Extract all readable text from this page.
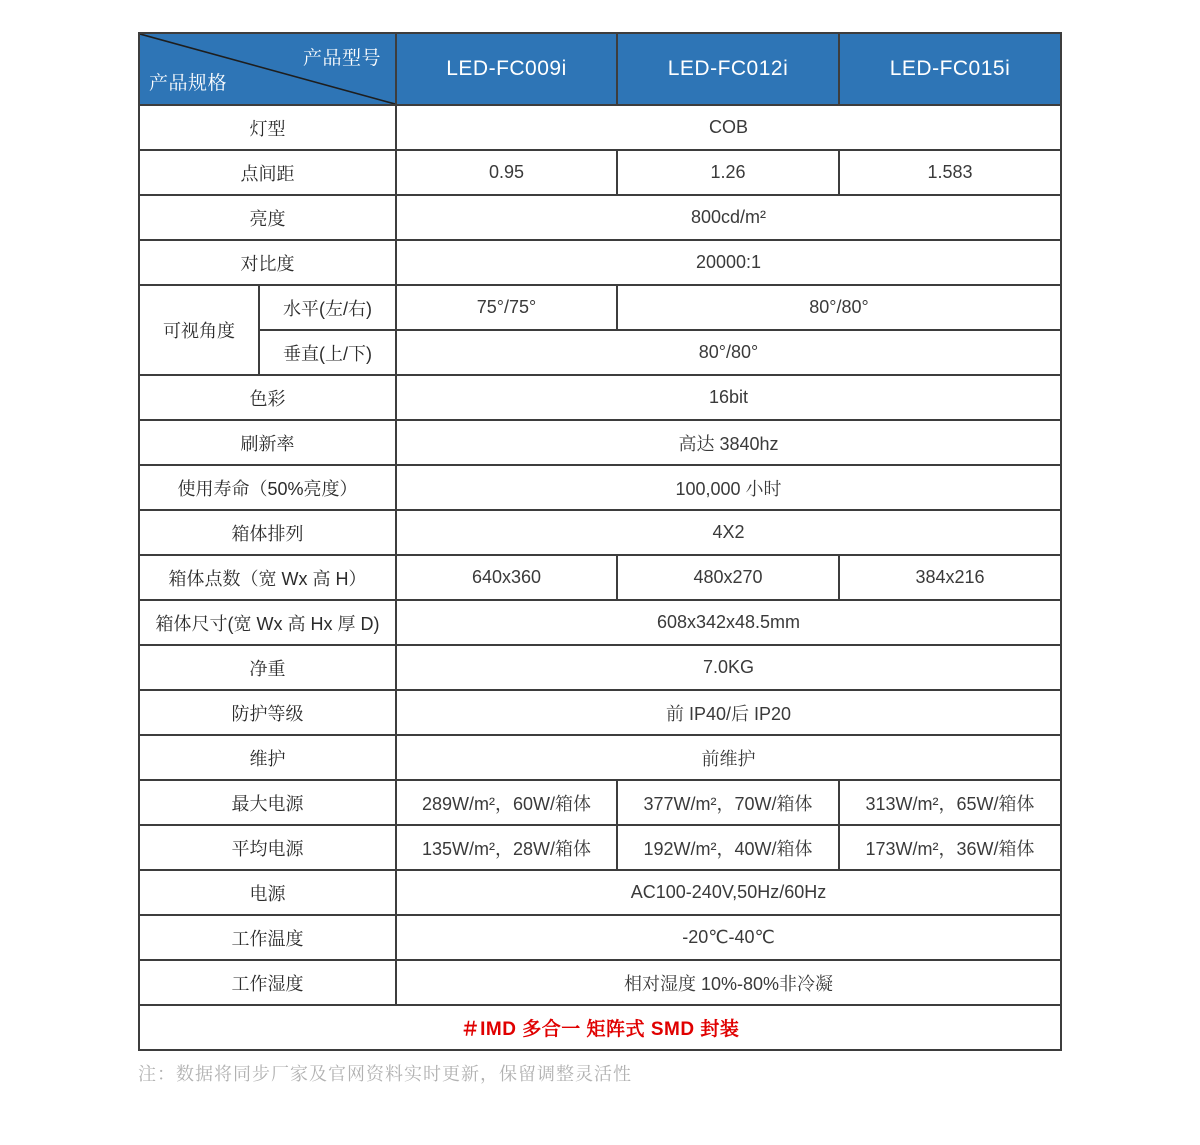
产品型号
产品规格		LED-FC009i	LED-FC012i	LED-FC015i
灯型		COB		
点间距		0.95	1.26	1.583
亮度		800cd/m²		
对比度		20000:1		
可视角度	水平(左/右)	75°/75°	80°/80°	
	垂直(上/下)	80°/80°		
色彩		16bit		
刷新率		高达 3840hz		
使用寿命（50%亮度）		100,000 小时		
箱体排列		4X2		
箱体点数（宽 Wx 高 H）		640x360	480x270	384x216
箱体尺寸(宽 Wx 高 Hx 厚 D)		608x342x48.5mm		
净重		7.0KG		
防护等级		前 IP40/后 IP20		
维护		前维护		
最大电源		289W/m²，60W/箱体	377W/m²，70W/箱体	313W/m²，65W/箱体
平均电源		135W/m²，28W/箱体	192W/m²，40W/箱体	173W/m²，36W/箱体
电源		AC100-240V,50Hz/60Hz		
工作温度		-20℃-40℃		
工作湿度		相对湿度 10%-80%非冷凝		
＃IMD 多合一 矩阵式 SMD 封装				
注：数据将同步厂家及官网资料实时更新，保留调整灵活性
